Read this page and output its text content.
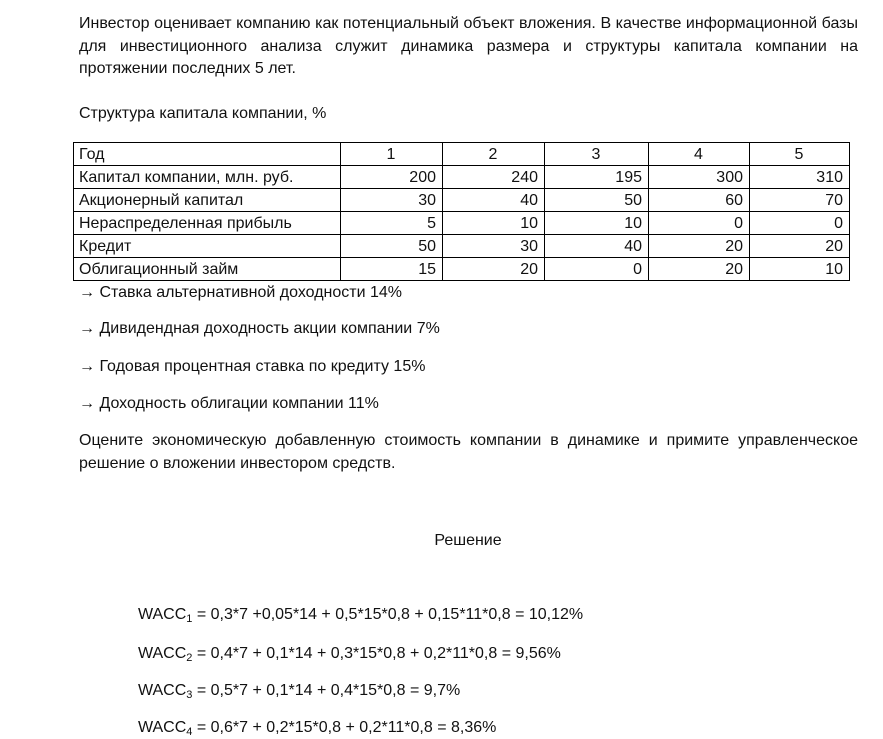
Инвестор оценивает компанию как потенциальный объект вложения. В качестве информационной базы для инвестиционного анализа служит динамика размера и структуры капитала компании на протяжении последних 5 лет.

Структура капитала компании, %

Год	1	2	3	4	5
Капитал компании, млн. руб.	200	240	195	300	310
Акционерный капитал	30	40	50	60	70
Нераспределенная прибыль	5	10	10	0	0
Кредит	50	30	40	20	20
Облигационный займ	15	20	0	20	10
→ Ставка альтернативной доходности 14%
→ Дивидендная доходность акции компании 7%
→ Годовая процентная ставка по кредиту 15%
→ Доходность облигации компании 11%

Оцените экономическую добавленную стоимость компании в динамике и примите управленческое решение о вложении инвестором средств.

Решение
$WACC_1 = 0,3*7 +0,05*14 + 0,5*15*0,8 + 0,15*11*0,8 = 10,12\%$
$WACC_2 = 0,4*7 + 0,1*14 + 0,3*15*0,8 + 0,2*11*0,8 = 9,56\%$
$WACC_3 = 0,5*7 + 0,1*14 + 0,4*15*0,8 = 9,7\%$
$WACC_4 = 0,6*7 + 0,2*15*0,8 + 0,2*11*0,8 = 8,36\%$
